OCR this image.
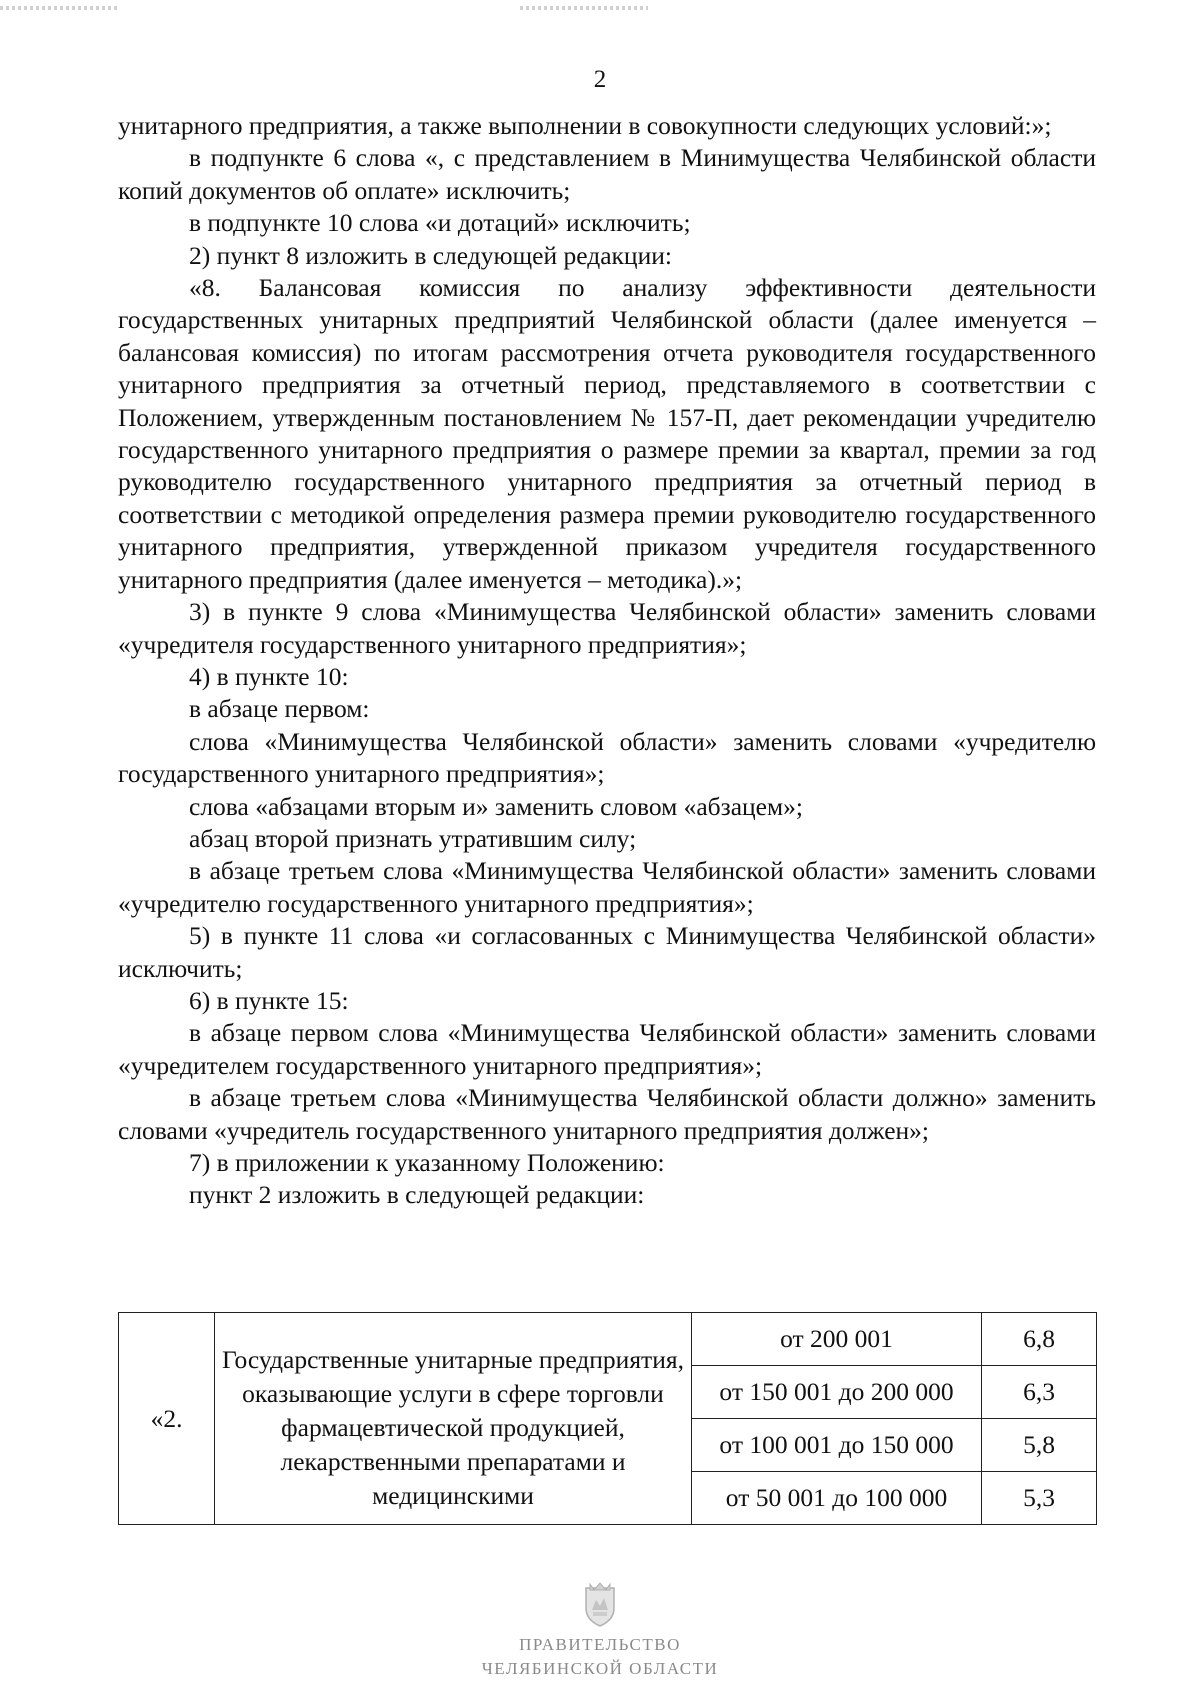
2

унитарного предприятия, а также выполнении в совокупности следующих условий:»;

в подпункте 6 слова «, с представлением в Минимущества Челябинской области копий документов об оплате» исключить;

в подпункте 10 слова «и дотаций» исключить;

2) пункт 8 изложить в следующей редакции:

«8. Балансовая комиссия по анализу эффективности деятельности государственных унитарных предприятий Челябинской области (далее именуется – балансовая комиссия) по итогам рассмотрения отчета руководителя государственного унитарного предприятия за отчетный период, представляемого в соответствии с Положением, утвержденным постановлением № 157-П, дает рекомендации учредителю государственного унитарного предприятия о размере премии за квартал, премии за год руководителю государственного унитарного предприятия за отчетный период в соответствии с методикой определения размера премии руководителю государственного унитарного предприятия, утвержденной приказом учредителя государственного унитарного предприятия (далее именуется – методика).»;

3) в пункте 9 слова «Минимущества Челябинской области» заменить словами «учредителя государственного унитарного предприятия»;

4) в пункте 10:

в абзаце первом:

слова «Минимущества Челябинской области» заменить словами «учредителю государственного унитарного предприятия»;

слова «абзацами вторым и» заменить словом «абзацем»;

абзац второй признать утратившим силу;

в абзаце третьем слова «Минимущества Челябинской области» заменить словами «учредителю государственного унитарного предприятия»;

5) в пункте 11 слова «и согласованных с Минимущества Челябинской области» исключить;

6) в пункте 15:

в абзаце первом слова «Минимущества Челябинской области» заменить словами «учредителем государственного унитарного предприятия»;

в абзаце третьем слова «Минимущества Челябинской области должно» заменить словами «учредитель государственного унитарного предприятия должен»;

7) в приложении к указанному Положению:

пункт 2 изложить в следующей редакции:

«2.	Государственные унитарные предприятия, оказывающие услуги в сфере торговли фармацевтической продукцией, лекарственными препаратами и медицинскими	от 200 001	6,8
		от 150 001 до 200 000	6,3
		от 100 001 до 150 000	5,8
		от 50 001 до 100 000	5,3
ПРАВИТЕЛЬСТВО
ЧЕЛЯБИНСКОЙ ОБЛАСТИ
